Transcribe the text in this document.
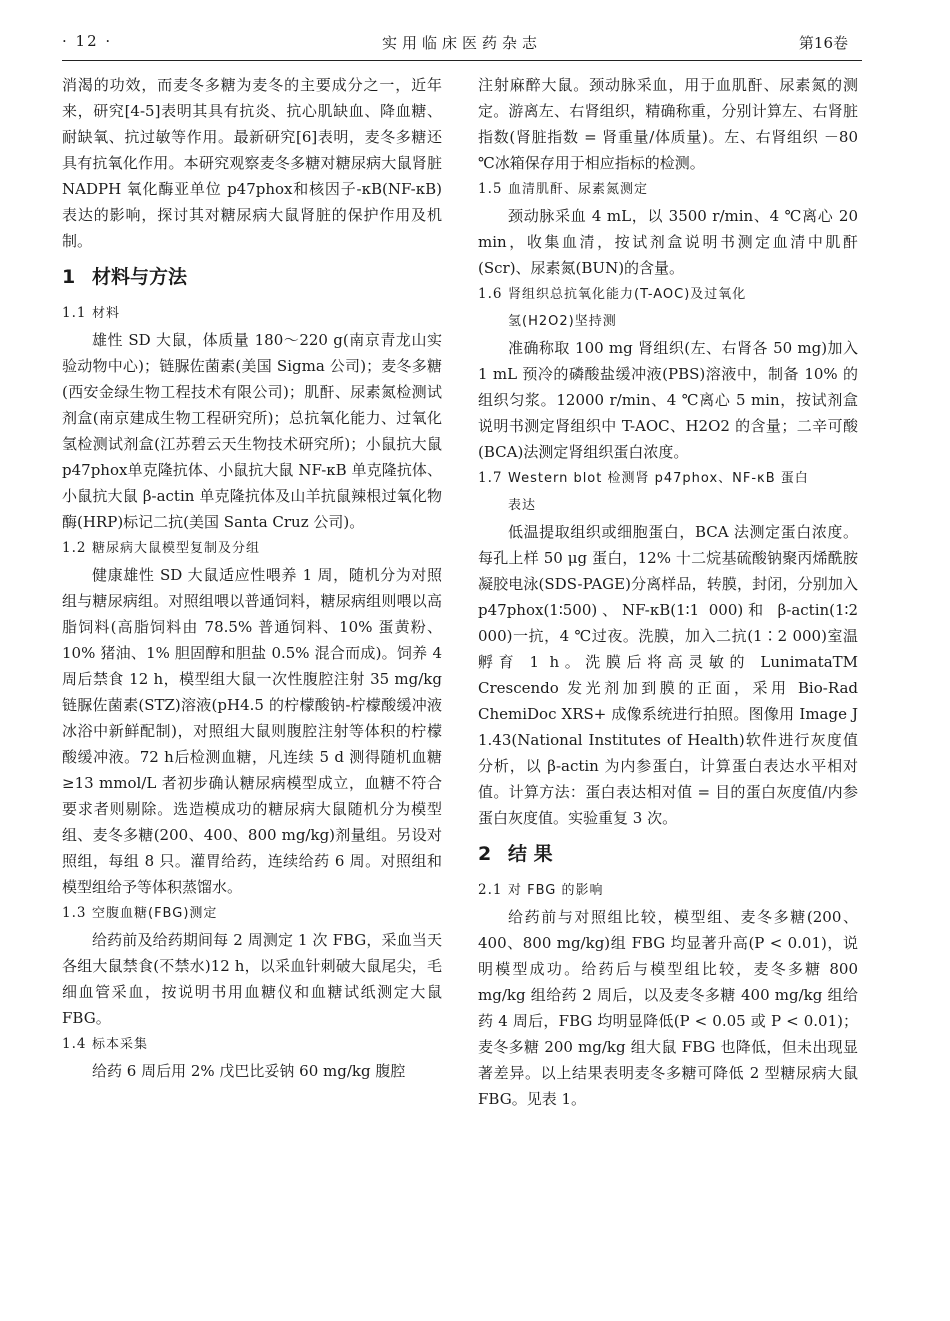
· 12 ·	实用临床医药杂志	第16卷

消渴的功效，而麦冬多糖为麦冬的主要成分之一，近年来，研究[4-5]表明其具有抗炎、抗心肌缺血、降血糖、耐缺氧、抗过敏等作用。最新研究[6]表明，麦冬多糖还具有抗氧化作用。本研究观察麦冬多糖对糖尿病大鼠肾脏 NADPH 氧化酶亚单位 p47phox和核因子-κB(NF-κB)表达的影响，探讨其对糖尿病大鼠肾脏的保护作用及机制。

1 材料与方法
1.1 材料

雄性 SD 大鼠，体质量 180～220 g(南京青龙山实验动物中心)；链脲佐菌素(美国 Sigma 公司)；麦冬多糖(西安金绿生物工程技术有限公司)；肌酐、尿素氮检测试剂盒(南京建成生物工程研究所)；总抗氧化能力、过氧化氢检测试剂盒(江苏碧云天生物技术研究所)；小鼠抗大鼠 p47phox单克隆抗体、小鼠抗大鼠 NF-κB 单克隆抗体、小鼠抗大鼠 β-actin 单克隆抗体及山羊抗鼠辣根过氧化物酶(HRP)标记二抗(美国 Santa Cruz 公司)。

1.2 糖尿病大鼠模型复制及分组

健康雄性 SD 大鼠适应性喂养 1 周，随机分为对照组与糖尿病组。对照组喂以普通饲料，糖尿病组则喂以高脂饲料(高脂饲料由 78.5% 普通饲料、10% 蛋黄粉、10% 猪油、1% 胆固醇和胆盐 0.5% 混合而成)。饲养 4 周后禁食 12 h，模型组大鼠一次性腹腔注射 35 mg/kg 链脲佐菌素(STZ)溶液(pH4.5 的柠檬酸钠-柠檬酸缓冲液冰浴中新鲜配制)，对照组大鼠则腹腔注射等体积的柠檬酸缓冲液。72 h后检测血糖，凡连续 5 d 测得随机血糖≥13 mmol/L 者初步确认糖尿病模型成立，血糖不符合要求者则剔除。选造模成功的糖尿病大鼠随机分为模型组、麦冬多糖(200、400、800 mg/kg)剂量组。另设对照组，每组 8 只。灌胃给药，连续给药 6 周。对照组和模型组给予等体积蒸馏水。

1.3 空腹血糖(FBG)测定

给药前及给药期间每 2 周测定 1 次 FBG，采血当天各组大鼠禁食(不禁水)12 h，以采血针刺破大鼠尾尖，毛细血管采血，按说明书用血糖仪和血糖试纸测定大鼠 FBG。

1.4 标本采集

给药 6 周后用 2% 戊巴比妥钠 60 mg/kg 腹腔

注射麻醉大鼠。颈动脉采血，用于血肌酐、尿素氮的测定。游离左、右肾组织，精确称重，分别计算左、右肾脏指数(肾脏指数 = 肾重量/体质量)。左、右肾组织 －80 ℃冰箱保存用于相应指标的检测。

1.5 血清肌酐、尿素氮测定

颈动脉采血 4 mL，以 3500 r/min、4 ℃离心 20 min，收集血清，按试剂盒说明书测定血清中肌酐(Scr)、尿素氮(BUN)的含量。

1.6 肾组织总抗氧化能力(T-AOC)及过氧化
氢(H2O2)坚持测

准确称取 100 mg 肾组织(左、右肾各 50 mg)加入 1 mL 预冷的磷酸盐缓冲液(PBS)溶液中，制备 10% 的组织匀浆。12000 r/min、4 ℃离心 5 min，按试剂盒说明书测定肾组织中 T-AOC、H2O2 的含量；二辛可酸(BCA)法测定肾组织蛋白浓度。

1.7 Western blot 检测肾 p47phox、NF-κB 蛋白
表达

低温提取组织或细胞蛋白，BCA 法测定蛋白浓度。每孔上样 50 μg 蛋白，12% 十二烷基硫酸钠聚丙烯酰胺凝胶电泳(SDS-PAGE)分离样品，转膜，封闭，分别加入 p47phox(1∶500)、NF-κB(1∶1 000)和 β-actin(1∶2 000)一抗，4 ℃过夜。洗膜，加入二抗(1∶2 000)室温孵育 1 h。洗膜后将高灵敏的 LunimataTM Crescendo 发光剂加到膜的正面，采用 Bio-Rad ChemiDoc XRS+ 成像系统进行拍照。图像用 Image J 1.43(National Institutes of Health)软件进行灰度值分析，以 β-actin 为内参蛋白，计算蛋白表达水平相对值。计算方法：蛋白表达相对值 = 目的蛋白灰度值/内参蛋白灰度值。实验重复 3 次。

2 结 果
2.1 对 FBG 的影响

给药前与对照组比较，模型组、麦冬多糖(200、400、800 mg/kg)组 FBG 均显著升高(P < 0.01)，说明模型成功。给药后与模型组比较，麦冬多糖 800 mg/kg 组给药 2 周后，以及麦冬多糖 400 mg/kg 组给药 4 周后，FBG 均明显降低(P < 0.05 或 P < 0.01)；麦冬多糖 200 mg/kg 组大鼠 FBG 也降低，但未出现显著差异。以上结果表明麦冬多糖可降低 2 型糖尿病大鼠 FBG。见表 1。
